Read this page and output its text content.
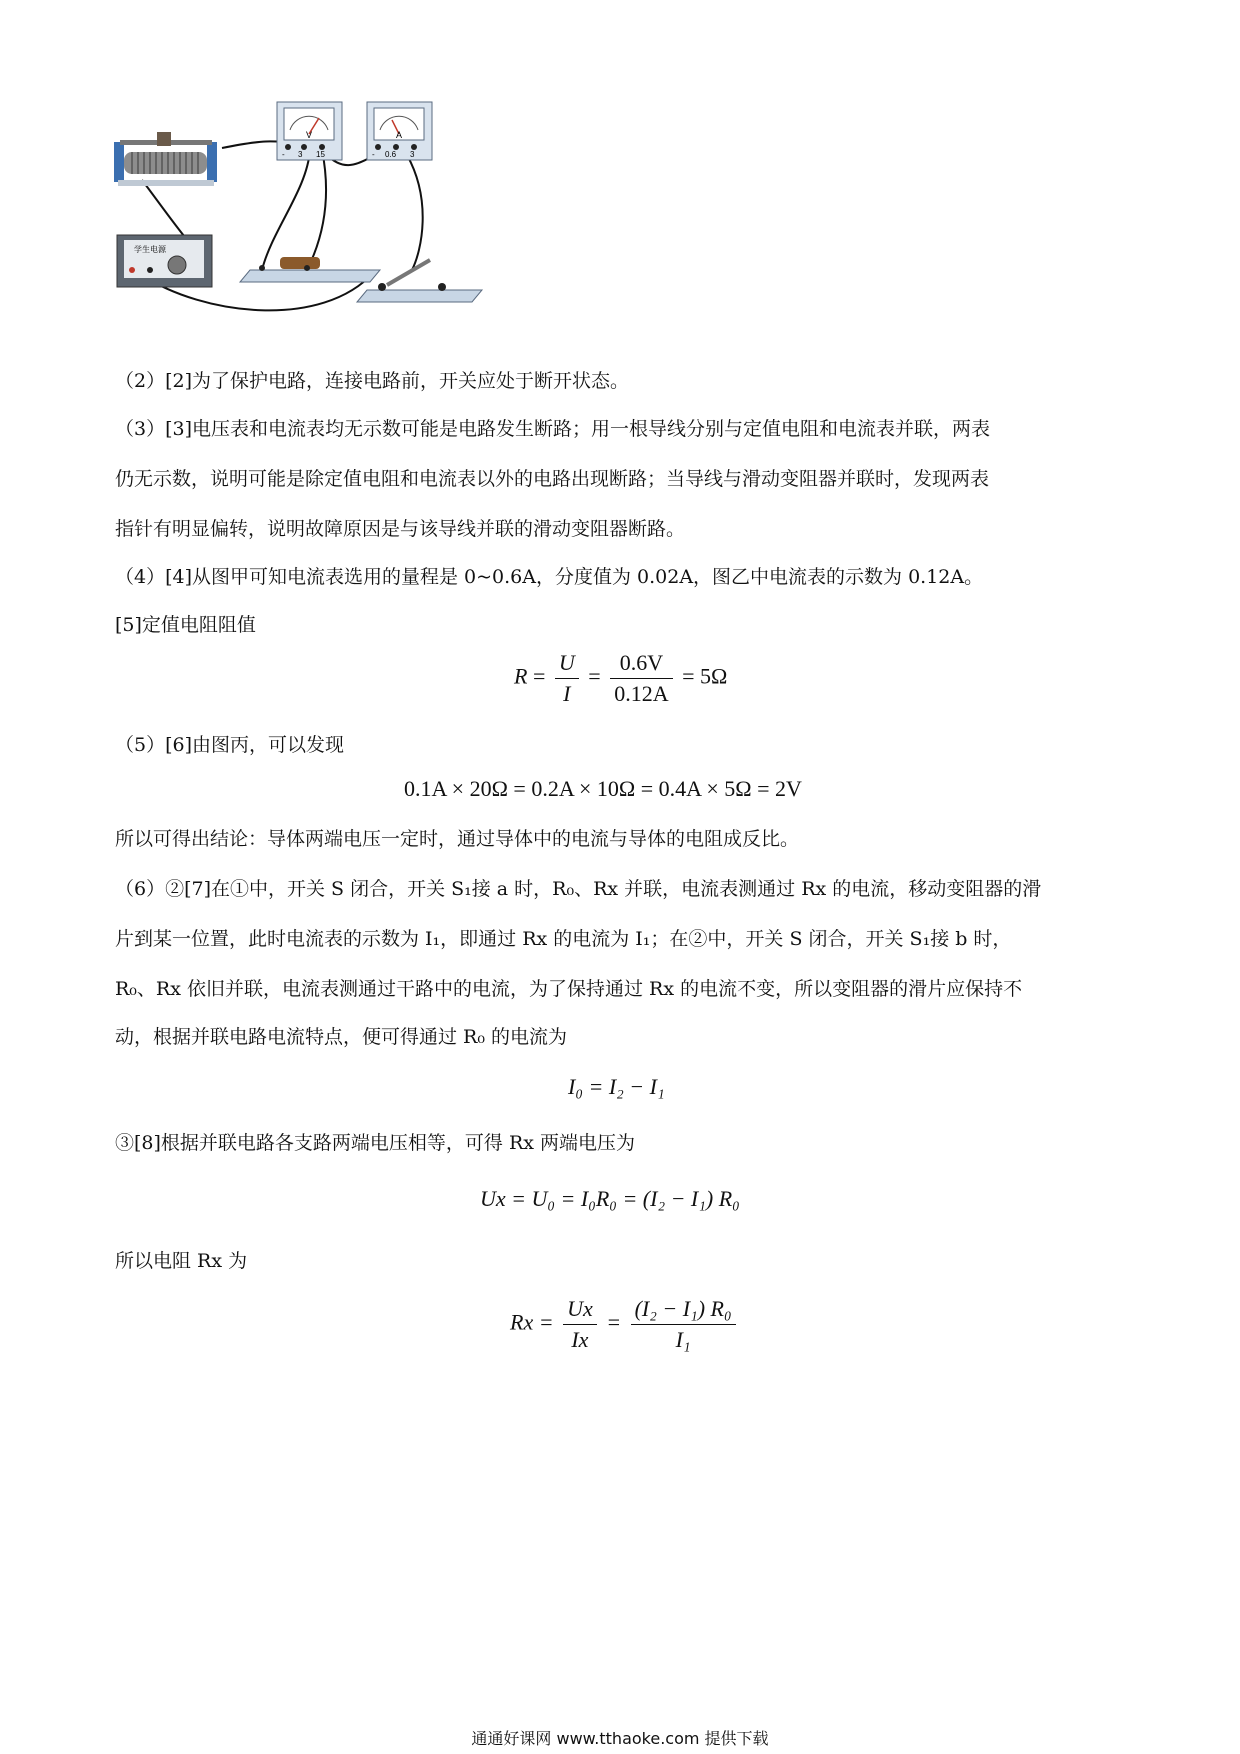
V
- 3 15
A
- 0.6 3
学生电源
（2）[2]为了保护电路，连接电路前，开关应处于断开状态。
（3）[3]电压表和电流表均无示数可能是电路发生断路；用一根导线分别与定值电阻和电流表并联，两表
仍无示数，说明可能是除定值电阻和电流表以外的电路出现断路；当导线与滑动变阻器并联时，发现两表
指针有明显偏转，说明故障原因是与该导线并联的滑动变阻器断路。
（4）[4]从图甲可知电流表选用的量程是 0~0.6A，分度值为 0.02A，图乙中电流表的示数为 0.12A。
[5]定值电阻阻值
$R = \frac{U}{I} = \frac{0.6V}{0.12A} = 5\Omega$
（5）[6]由图丙，可以发现
0.1A × 20Ω = 0.2A × 10Ω = 0.4A × 5Ω = 2V
所以可得出结论：导体两端电压一定时，通过导体中的电流与导体的电阻成反比。
（6）②[7]在①中，开关 S 闭合，开关 S₁接 a 时，R₀、Rx 并联，电流表测通过 Rx 的电流，移动变阻器的滑
片到某一位置，此时电流表的示数为 I₁，即通过 Rx 的电流为 I₁；在②中，开关 S 闭合，开关 S₁接 b 时，
R₀、Rx 依旧并联，电流表测通过干路中的电流，为了保持通过 Rx 的电流不变，所以变阻器的滑片应保持不
动，根据并联电路电流特点，便可得通过 R₀ 的电流为
I₀ = I₂ − I₁
③[8]根据并联电路各支路两端电压相等，可得 Rx 两端电压为
Ux = U₀ = I₀R₀ = (I₂ − I₁) R₀
所以电阻 Rx 为
$Rx = \frac{Ux}{Ix} = \frac{\text{(I₂ − I₁) R₀}}{\text{I₁}}$
通通好课网 www.tthaoke.com 提供下载
